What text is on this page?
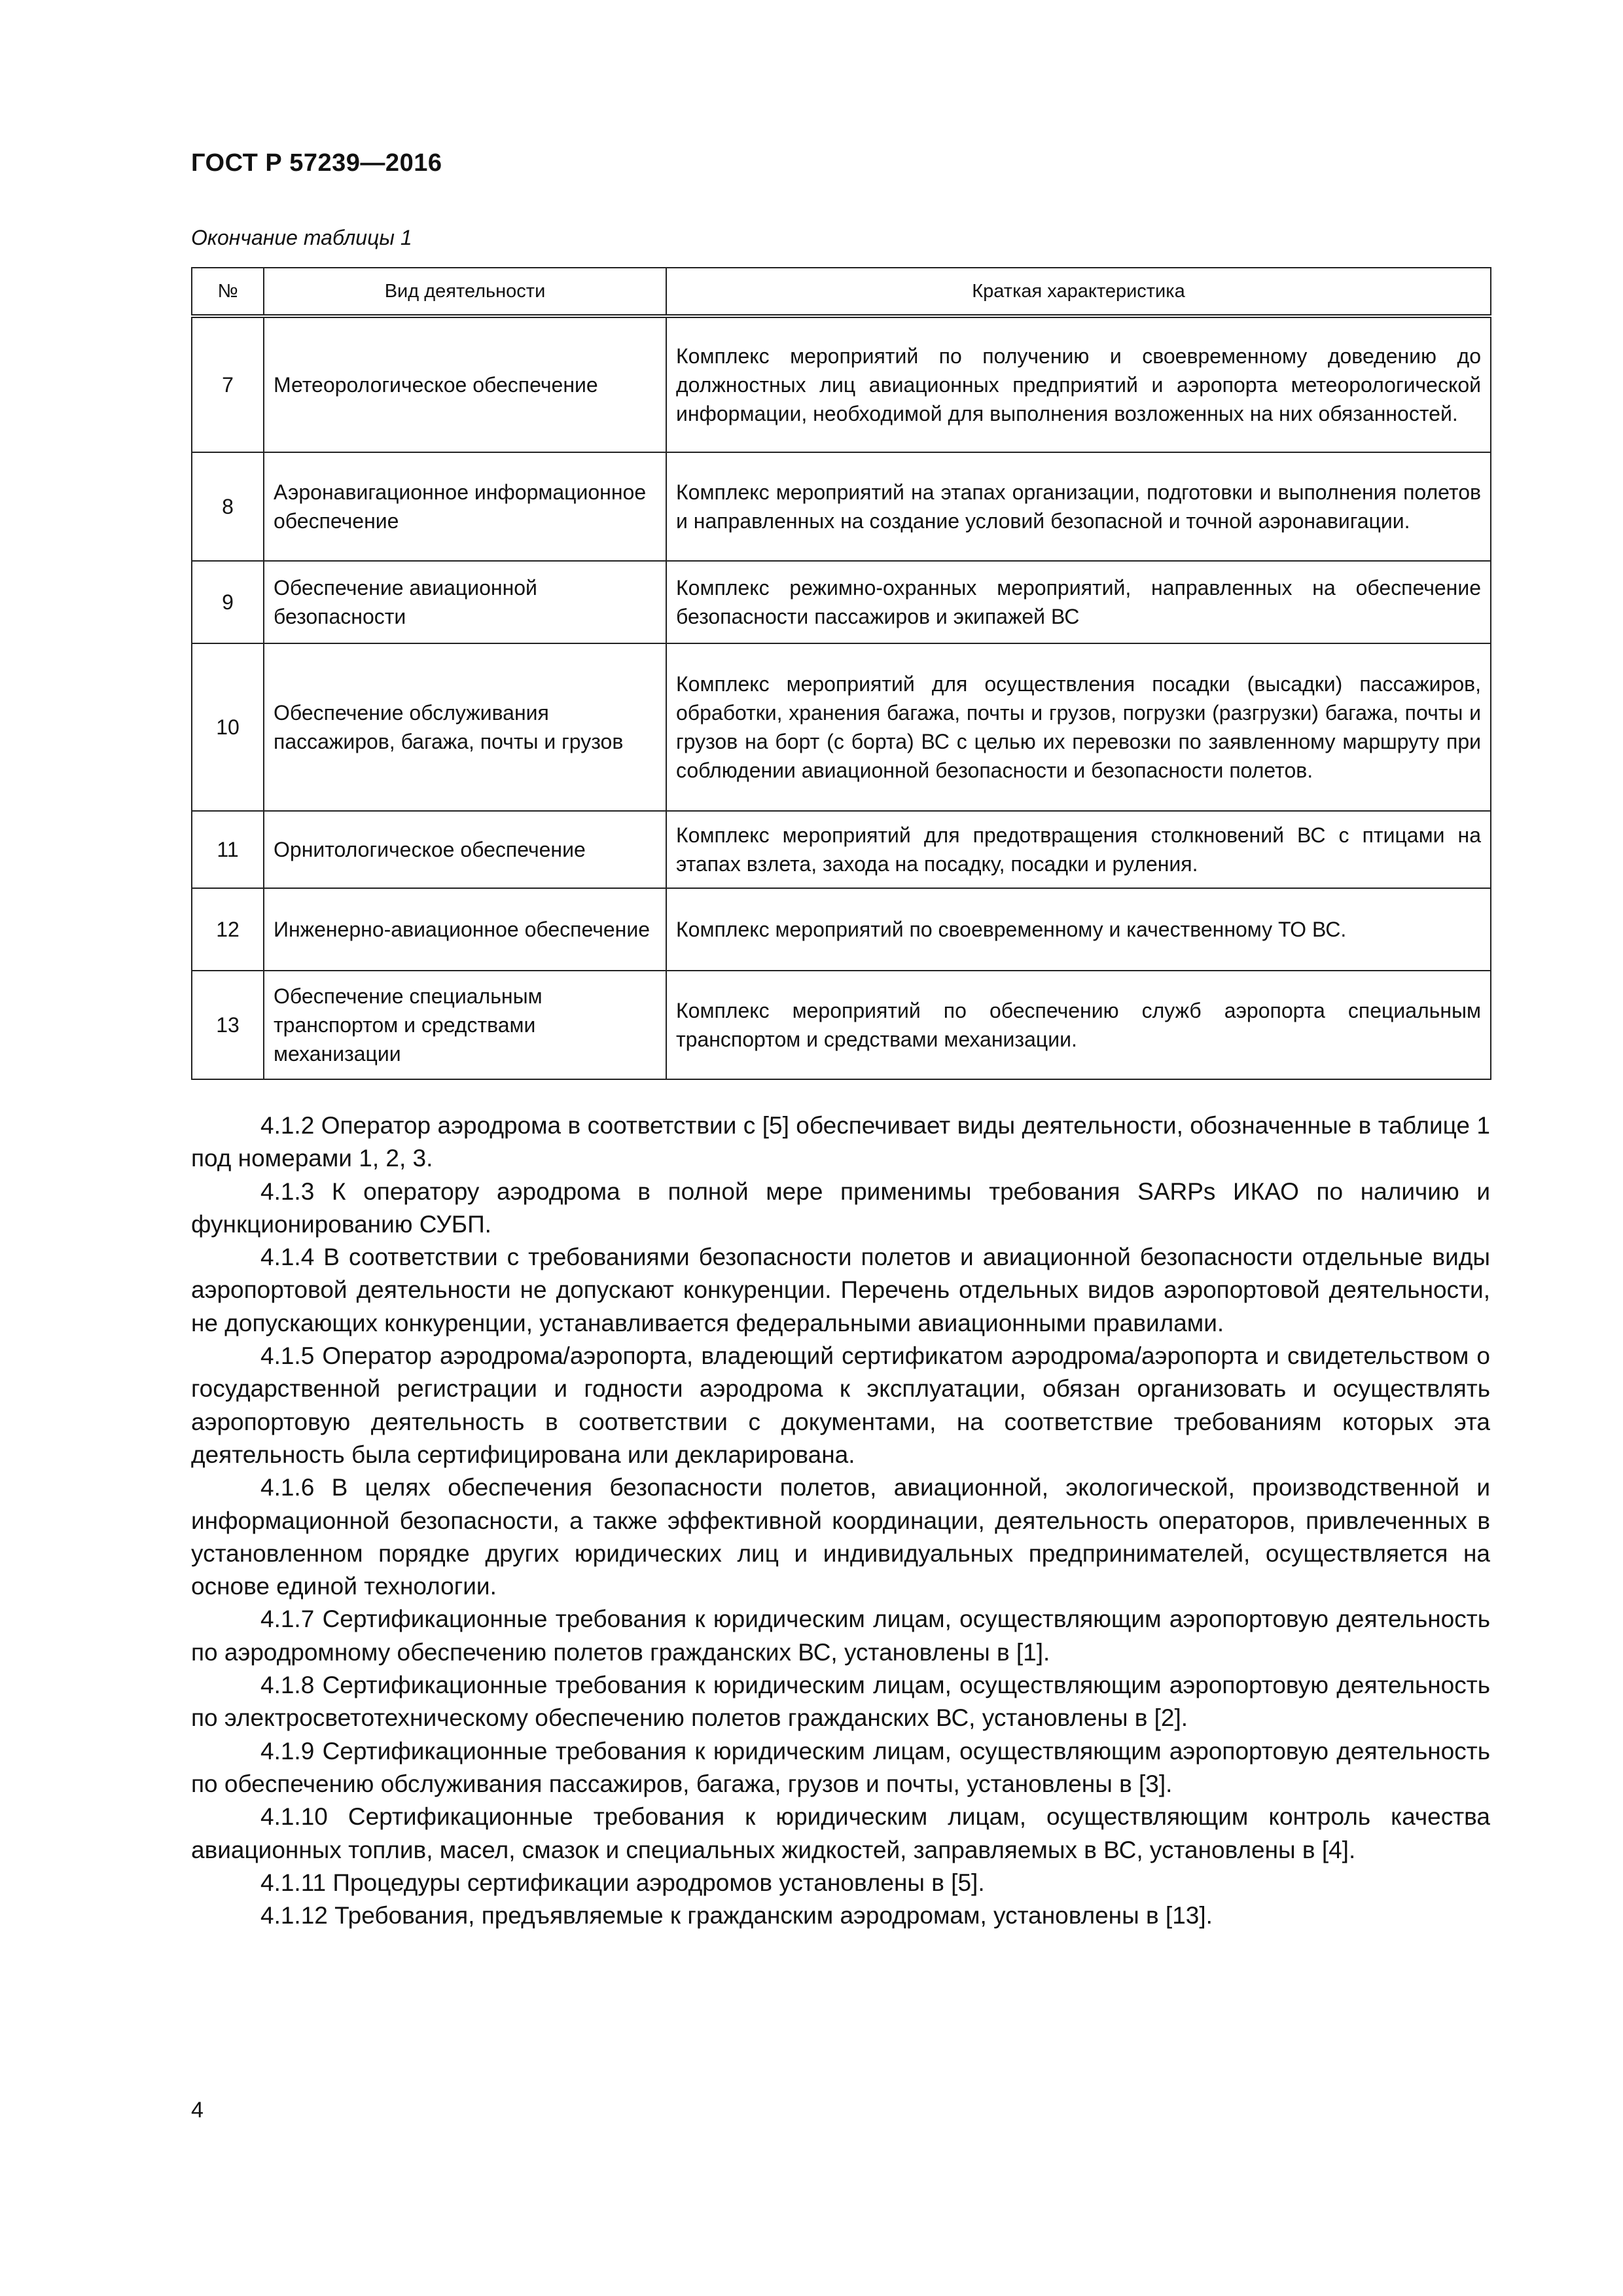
ГОСТ Р 57239—2016
Окончание таблицы 1
№	Вид деятельности	Краткая характеристика
7	Метеорологическое обеспечение	Комплекс мероприятий по получению и своевременному доведению до должностных лиц авиационных предприятий и аэропорта метеорологической информации, необходимой для выполнения возложенных на них обязанностей.
8	Аэронавигационное информационное обеспечение	Комплекс мероприятий на этапах организации, подготовки и выполнения полетов и направленных на создание условий безопасной и точной аэронавигации.
9	Обеспечение авиационной безопасности	Комплекс режимно-охранных мероприятий, направленных на обеспечение безопасности пассажиров и экипажей ВС
10	Обеспечение обслуживания пассажиров, багажа, почты и грузов	Комплекс мероприятий для осуществления посадки (высадки) пассажиров, обработки, хранения багажа, почты и грузов, погрузки (разгрузки) багажа, почты и грузов на борт (с борта) ВС с целью их перевозки по заявленному маршруту при соблюдении авиационной безопасности и безопасности полетов.
11	Орнитологическое обеспечение	Комплекс мероприятий для предотвращения столкновений ВС с птицами на этапах взлета, захода на посадку, посадки и руления.
12	Инженерно-авиационное обеспечение	Комплекс мероприятий по своевременному и качественному ТО ВС.
13	Обеспечение специальным транспортом и средствами механизации	Комплекс мероприятий по обеспечению служб аэропорта специальным транспортом и средствами механизации.

4.1.2 Оператор аэродрома в соответствии с [5] обеспечивает виды деятельности, обозначенные в таблице 1 под номерами 1, 2, 3.

4.1.3 К оператору аэродрома в полной мере применимы требования SARPs ИКАО по наличию и функционированию СУБП.

4.1.4 В соответствии с требованиями безопасности полетов и авиационной безопасности отдельные виды аэропортовой деятельности не допускают конкуренции. Перечень отдельных видов аэропортовой деятельности, не допускающих конкуренции, устанавливается федеральными авиационными правилами.

4.1.5 Оператор аэродрома/аэропорта, владеющий сертификатом аэродрома/аэропорта и свидетельством о государственной регистрации и годности аэродрома к эксплуатации, обязан организовать и осуществлять аэропортовую деятельность в соответствии с документами, на соответствие требованиям которых эта деятельность была сертифицирована или декларирована.

4.1.6 В целях обеспечения безопасности полетов, авиационной, экологической, производственной и информационной безопасности, а также эффективной координации, деятельность операторов, привлеченных в установленном порядке других юридических лиц и индивидуальных предпринимателей, осуществляется на основе единой технологии.

4.1.7 Сертификационные требования к юридическим лицам, осуществляющим аэропортовую деятельность по аэродромному обеспечению полетов гражданских ВС, установлены в [1].

4.1.8 Сертификационные требования к юридическим лицам, осуществляющим аэропортовую деятельность по электросветотехническому обеспечению полетов гражданских ВС, установлены в [2].

4.1.9 Сертификационные требования к юридическим лицам, осуществляющим аэропортовую деятельность по обеспечению обслуживания пассажиров, багажа, грузов и почты, установлены в [3].

4.1.10 Сертификационные требования к юридическим лицам, осуществляющим контроль качества авиационных топлив, масел, смазок и специальных жидкостей, заправляемых в ВС, установлены в [4].

4.1.11 Процедуры сертификации аэродромов установлены в [5].

4.1.12 Требования, предъявляемые к гражданским аэродромам, установлены в [13].

4
